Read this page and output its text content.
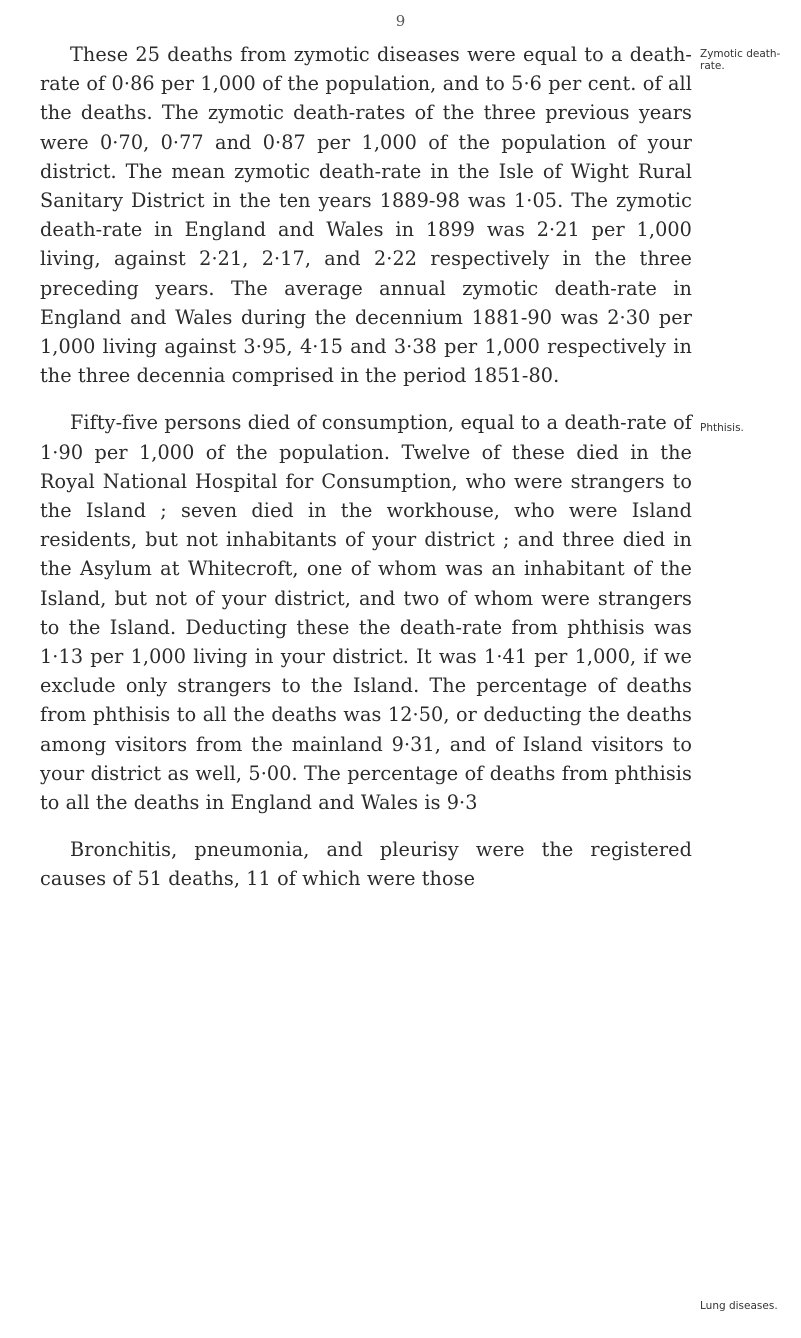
9

These 25 deaths from zymotic diseases were equal to a death-rate of 0·86 per 1,000 of the population, and to 5·6 per cent. of all the deaths. The zymotic death-rates of the three previous years were 0·70, 0·77 and 0·87 per 1,000 of the population of your district. The mean zymotic death-rate in the Isle of Wight Rural Sanitary District in the ten years 1889-98 was 1·05. The zymotic death-rate in England and Wales in 1899 was 2·21 per 1,000 living, against 2·21, 2·17, and 2·22 respectively in the three preceding years. The average annual zymotic death-rate in England and Wales during the decennium 1881-90 was 2·30 per 1,000 living against 3·95, 4·15 and 3·38 per 1,000 respectively in the three decennia comprised in the period 1851-80.

Fifty-five persons died of consumption, equal to a death-rate of 1·90 per 1,000 of the population. Twelve of these died in the Royal National Hospital for Consumption, who were strangers to the Island ; seven died in the workhouse, who were Island residents, but not inhabitants of your district ; and three died in the Asylum at Whitecroft, one of whom was an inhabitant of the Island, but not of your district, and two of whom were strangers to the Island. Deducting these the death-rate from phthisis was 1·13 per 1,000 living in your district. It was 1·41 per 1,000, if we exclude only strangers to the Island. The percentage of deaths from phthisis to all the deaths was 12·50, or deducting the deaths among visitors from the mainland 9·31, and of Island visitors to your district as well, 5·00. The percentage of deaths from phthisis to all the deaths in England and Wales is 9·3

Bronchitis, pneumonia, and pleurisy were the registered causes of 51 deaths, 11 of which were those

Zymotic death-rate.
Phthisis.
Lung diseases.
